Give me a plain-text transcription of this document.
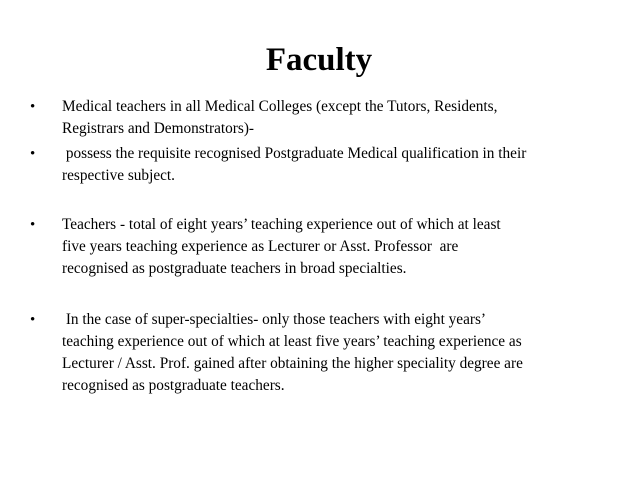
Faculty
•	Medical teachers in all Medical Colleges (except the Tutors, Residents,
Registrars and Demonstrators)-
•	possess the requisite recognised Postgraduate Medical qualification in their
respective subject.
•	Teachers - total of eight years’ teaching experience out of which at least
five years teaching experience as Lecturer or Asst. Professor  are
recognised as postgraduate teachers in broad specialties.
•	In the case of super-specialties- only those teachers with eight years’
teaching experience out of which at least five years’ teaching experience as
Lecturer / Asst. Prof. gained after obtaining the higher speciality degree are
recognised as postgraduate teachers.
